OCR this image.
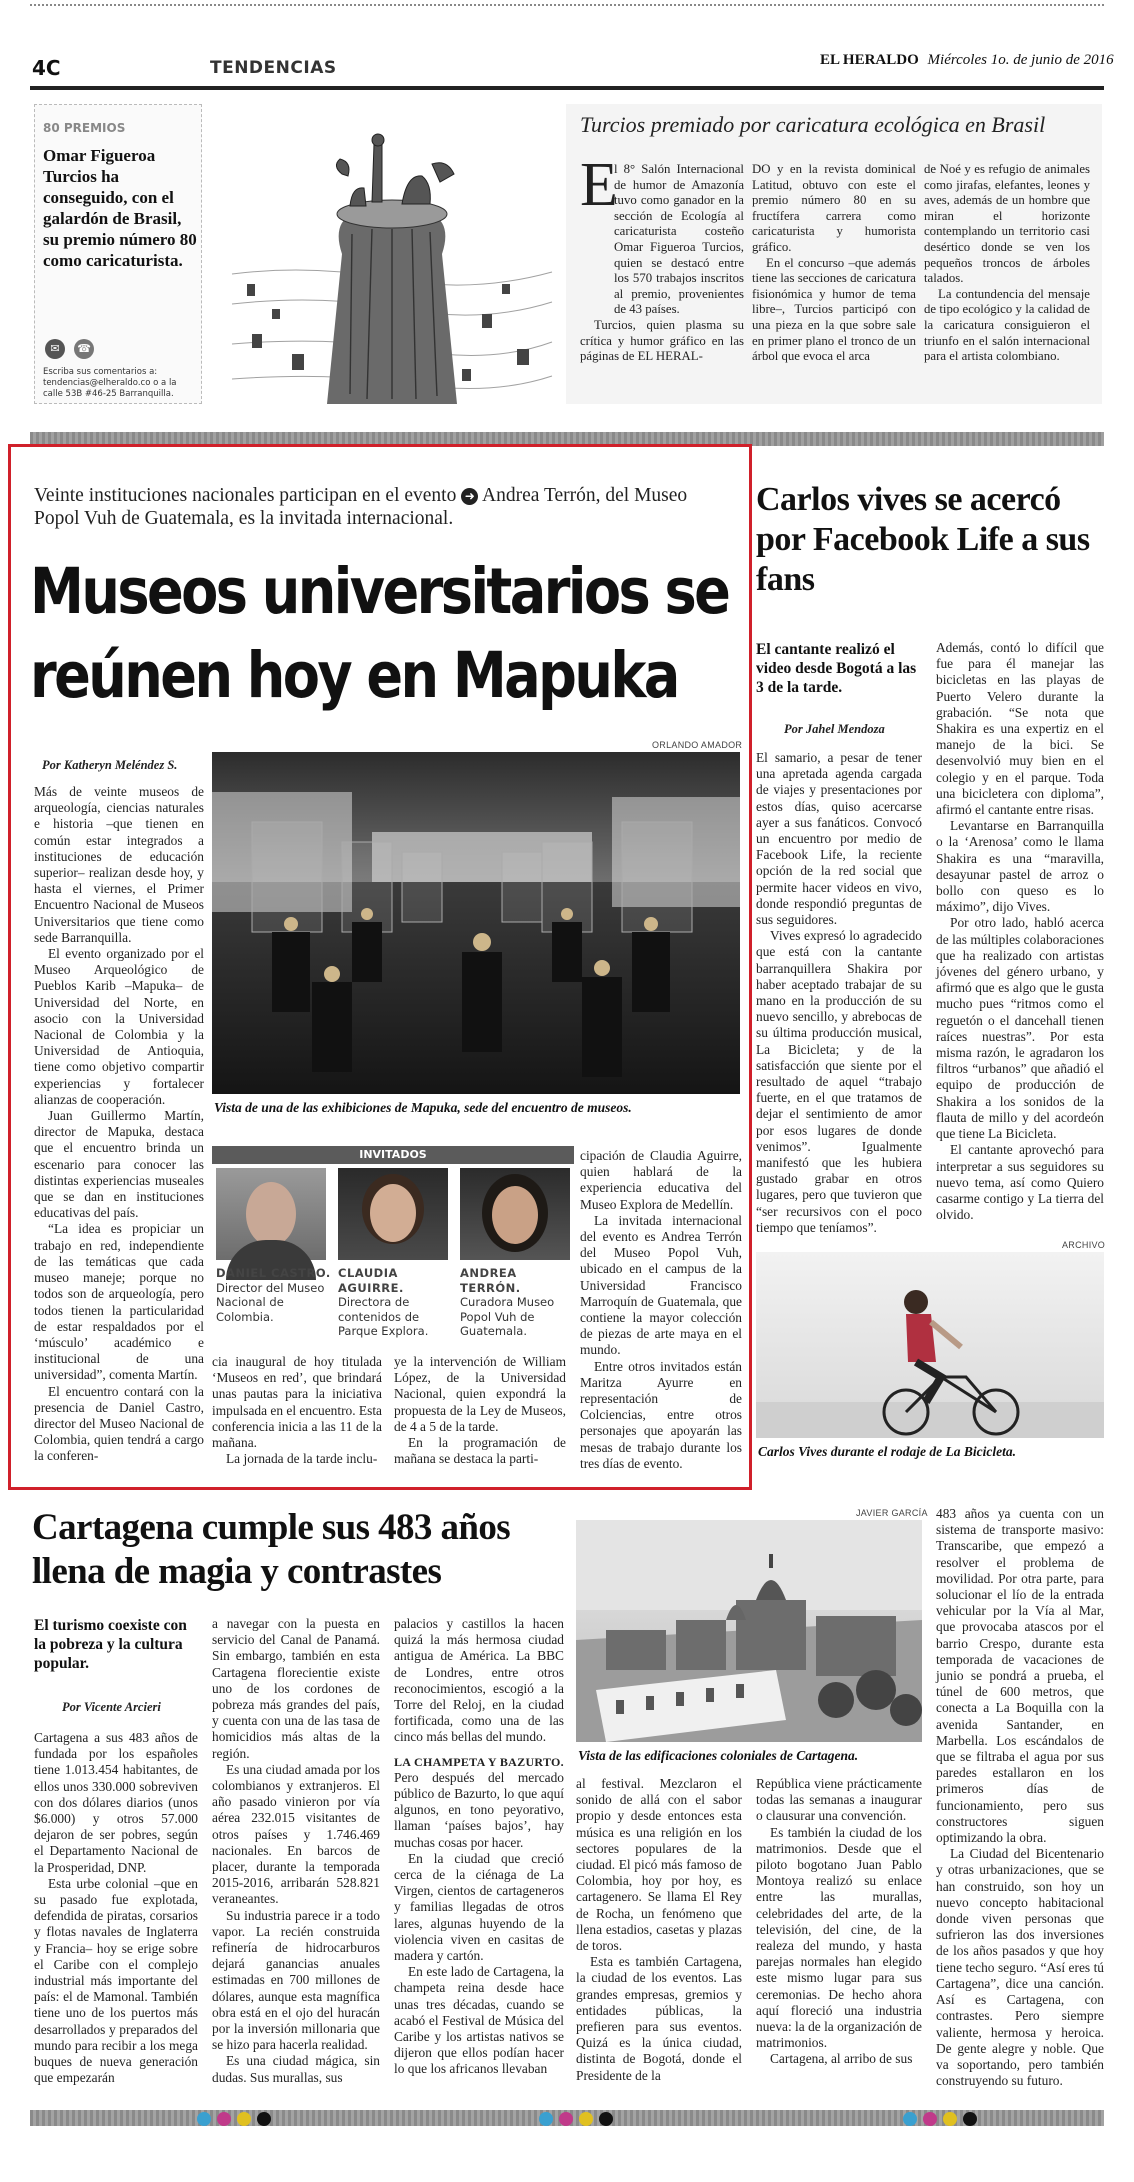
4C	TENDENCIAS	EL HERALDO Miércoles 1o. de junio de 2016
80 PREMIOS
Omar Figueroa Turcios ha conseguido, con el galardón de Brasil, su premio número 80 como caricaturista.
✉ ☎
Escriba sus comentarios a: tendencias@elheraldo.co o a la calle 53B #46-25 Barranquilla.
Turcios premiado por caricatura ecológica en Brasil
E

l 8° Salón Internacional de humor de Amazonía tuvo como ganador en la sección de Ecología al caricaturista costeño Omar Figueroa Turcios, quien se destacó entre los 570 trabajos inscritos al premio, provenientes de 43 países.

Turcios, quien plasma su crítica y humor gráfico en las páginas de EL HERAL-

DO y en la revista dominical Latitud, obtuvo con este el premio número 80 en su fructífera carrera como caricaturista y humorista gráfico.

En el concurso –que además tiene las secciones de caricatura fisionómica y humor de tema libre–, Turcios participó con una pieza en la que sobre sale en primer plano el tronco de un árbol que evoca el arca

de Noé y es refugio de animales como jirafas, elefantes, leones y aves, además de un hombre que miran el horizonte contemplando un territorio casi desértico donde se ven los pequeños troncos de árboles talados.

La contundencia del mensaje de tipo ecológico y la calidad de la caricatura consiguieron el triunfo en el salón internacional para el artista colombiano.

Veinte instituciones nacionales participan en el evento ➜ Andrea Terrón, del Museo Popol Vuh de Guatemala, es la invitada internacional.
Museos universitarios se
reúnen hoy en Mapuka
Por Katheryn Meléndez S.
ORLANDO AMADOR
Vista de una de las exhibiciones de Mapuka, sede del encuentro de museos.

Más de veinte museos de arqueología, ciencias naturales e historia –que tienen en común estar integrados a instituciones de educación superior– realizan desde hoy, y hasta el viernes, el Primer Encuentro Nacional de Museos Universitarios que tiene como sede Barranquilla.

El evento organizado por el Museo Arqueológico de Pueblos Karib –Mapuka– de Universidad del Norte, en asocio con la Universidad Nacional de Colombia y la Universidad de Antioquia, tiene como objetivo compartir experiencias y fortalecer alianzas de cooperación.

Juan Guillermo Martín, director de Mapuka, destaca que el encuentro brinda un escenario para conocer las distintas experiencias museales que se dan en instituciones educativas del país.

“La idea es propiciar un trabajo en red, independiente de las temáticas que cada museo maneje; porque no todos son de arqueología, pero todos tienen la particularidad de estar respaldados por el ‘músculo’ académico e institucional de una universidad”, comenta Martín.

El encuentro contará con la presencia de Daniel Castro, director del Museo Nacional de Colombia, quien tendrá a cargo la conferen-

INVITADOS
DANIEL CASTRO. Director del Museo Nacional de Colombia.
CLAUDIA AGUIRRE. Directora de contenidos de Parque Explora.
ANDREA TERRÓN. Curadora Museo Popol Vuh de Guatemala.

cia inaugural de hoy titulada ‘Museos en red’, que brindará unas pautas para la iniciativa impulsada en el encuentro. Esta conferencia inicia a las 11 de la mañana.

La jornada de la tarde inclu-

ye la intervención de William López, de la Universidad Nacional, quien expondrá la propuesta de la Ley de Museos, de 4 a 5 de la tarde.

En la programación de mañana se destaca la parti-

cipación de Claudia Aguirre, quien hablará de la experiencia educativa del Museo Explora de Medellín.

La invitada internacional del evento es Andrea Terrón del Museo Popol Vuh, ubicado en el campus de la Universidad Francisco Marroquín de Guatemala, que contiene la mayor colección de piezas de arte maya en el mundo.

Entre otros invitados están Maritza Ayurre en representación de Colciencias, entre otros personajes que apoyarán las mesas de trabajo durante los tres días de evento.

Carlos vives se acercó por Facebook Life a sus fans
El cantante realizó el video desde Bogotá a las 3 de la tarde.
Por Jahel Mendoza

El samario, a pesar de tener una apretada agenda cargada de viajes y presentaciones por estos días, quiso acercarse ayer a sus fanáticos. Convocó un encuentro por medio de Facebook Life, la reciente opción de la red social que permite hacer videos en vivo, donde respondió preguntas de sus seguidores.

Vives expresó lo agradecido que está con la cantante barranquillera Shakira por haber aceptado trabajar de su mano en la producción de su nuevo sencillo, y abrebocas de su última producción musical, La Bicicleta; y de la satisfacción que siente por el resultado de aquel “trabajo fuerte, en el que tratamos de dejar el sentimiento de amor por esos lugares de donde venimos”. Igualmente manifestó que les hubiera gustado grabar en otros lugares, pero que tuvieron que “ser recursivos con el poco tiempo que teníamos”.

Además, contó lo difícil que fue para él manejar las bicicletas en las playas de Puerto Velero durante la grabación. “Se nota que Shakira es una expertiz en el manejo de la bici. Se desenvolvió muy bien en el colegio y en el parque. Toda una bicicletera con diploma”, afirmó el cantante entre risas.

Levantarse en Barranquilla o la ‘Arenosa’ como le llama Shakira es una “maravilla, desayunar pastel de arroz o bollo con queso es lo máximo”, dijo Vives.

Por otro lado, habló acerca de las múltiples colaboraciones que ha realizado con artistas jóvenes del género urbano, y afirmó que es algo que le gusta mucho pues “ritmos como el reguetón o el dancehall tienen raíces nuestras”. Por esta misma razón, le agradaron los filtros “urbanos” que añadió el equipo de producción de Shakira a los sonidos de la flauta de millo y del acordeón que tiene La Bicicleta.

El cantante aprovechó para interpretar a sus seguidores su nuevo tema, así como Quiero casarme contigo y La tierra del olvido.

ARCHIVO
Carlos Vives durante el rodaje de La Bicicleta.
Cartagena cumple sus 483 años
llena de magia y contrastes
El turismo coexiste con la pobreza y la cultura popular.
Por Vicente Arcieri

Cartagena a sus 483 años de fundada por los españoles tiene 1.013.454 habitantes, de ellos unos 330.000 sobreviven con dos dólares diarios (unos $6.000) y otros 57.000 dejaron de ser pobres, según el Departamento Nacional de la Prosperidad, DNP.

Esta urbe colonial –que en su pasado fue explotada, defendida de piratas, corsarios y flotas navales de Inglaterra y Francia– hoy se erige sobre el Caribe con el complejo industrial más importante del país: el de Mamonal. También tiene uno de los puertos más desarrollados y preparados del mundo para recibir a los mega buques de nueva generación que empezarán

a navegar con la puesta en servicio del Canal de Panamá. Sin embargo, también en esta Cartagena florecientie existe uno de los cordones de pobreza más grandes del país, y cuenta con una de las tasa de homicidios más altas de la región.

Es una ciudad amada por los colombianos y extranjeros. El año pasado vinieron por vía aérea 232.015 visitantes de otros países y 1.746.469 nacionales. En barcos de placer, durante la temporada 2015-2016, arribarán 528.821 veraneantes.

Su industria parece ir a todo vapor. La recién construida refinería de hidrocarburos dejará ganancias anuales estimadas en 700 millones de dólares, aunque esta magnífica obra está en el ojo del huracán por la inversión millonaria que se hizo para hacerla realidad.

Es una ciudad mágica, sin dudas. Sus murallas, sus

palacios y castillos la hacen quizá la más hermosa ciudad antigua de América. La BBC de Londres, entre otros reconocimientos, escogió a la Torre del Reloj, en la ciudad fortificada, como una de las cinco más bellas del mundo.

LA CHAMPETA Y BAZURTO. Pero después del mercado público de Bazurto, lo que aquí algunos, en tono peyorativo, llaman ‘países bajos’, hay muchas cosas por hacer.

En la ciudad que creció cerca de la ciénaga de La Virgen, cientos de cartageneros y familias llegadas de otros lares, algunas huyendo de la violencia viven en casitas de madera y cartón.

En este lado de Cartagena, la champeta reina desde hace unas tres décadas, cuando se acabó el Festival de Música del Caribe y los artistas nativos se dijeron que ellos podían hacer lo que los africanos llevaban

JAVIER GARCÍA
Vista de las edificaciones coloniales de Cartagena.

al festival. Mezclaron el sonido de allá con el sabor propio y desde entonces esta música es una religión en los sectores populares de la ciudad. El picó más famoso de Colombia, hoy por hoy, es cartagenero. Se llama El Rey de Rocha, un fenómeno que llena estadios, casetas y plazas de toros.

Esta es también Cartagena, la ciudad de los eventos. Las grandes empresas, gremios y entidades públicas, la prefieren para sus eventos. Quizá es la única ciudad, distinta de Bogotá, donde el Presidente de la

República viene prácticamente todas las semanas a inaugurar o clausurar una convención.

Es también la ciudad de los matrimonios. Desde que el piloto bogotano Juan Pablo Montoya realizó su enlace entre las murallas, celebridades del arte, de la televisión, del cine, de la realeza del mundo, y hasta parejas normales han elegido este mismo lugar para sus ceremonias. De hecho ahora aquí floreció una industria nueva: la de la organización de matrimonios.

Cartagena, al arribo de sus

483 años ya cuenta con un sistema de transporte masivo: Transcaribe, que empezó a resolver el problema de movilidad. Por otra parte, para solucionar el lío de la entrada vehicular por la Vía al Mar, que provocaba atascos por el barrio Crespo, durante esta temporada de vacaciones de junio se pondrá a prueba, el túnel de 600 metros, que conecta a La Boquilla con la avenida Santander, en Marbella. Los escándalos de que se filtraba el agua por sus paredes estallaron en los primeros días de funcionamiento, pero sus constructores siguen optimizando la obra.

La Ciudad del Bicentenario y otras urbanizaciones, que se han construido, son hoy un nuevo concepto habitacional donde viven personas que sufrieron las dos inversiones de los años pasados y que hoy tiene techo seguro. “Así eres tú Cartagena”, dice una canción. Así es Cartagena, con contrastes. Pero siempre valiente, hermosa y heroica. De gente alegre y noble. Que va soportando, pero también construyendo su futuro.
